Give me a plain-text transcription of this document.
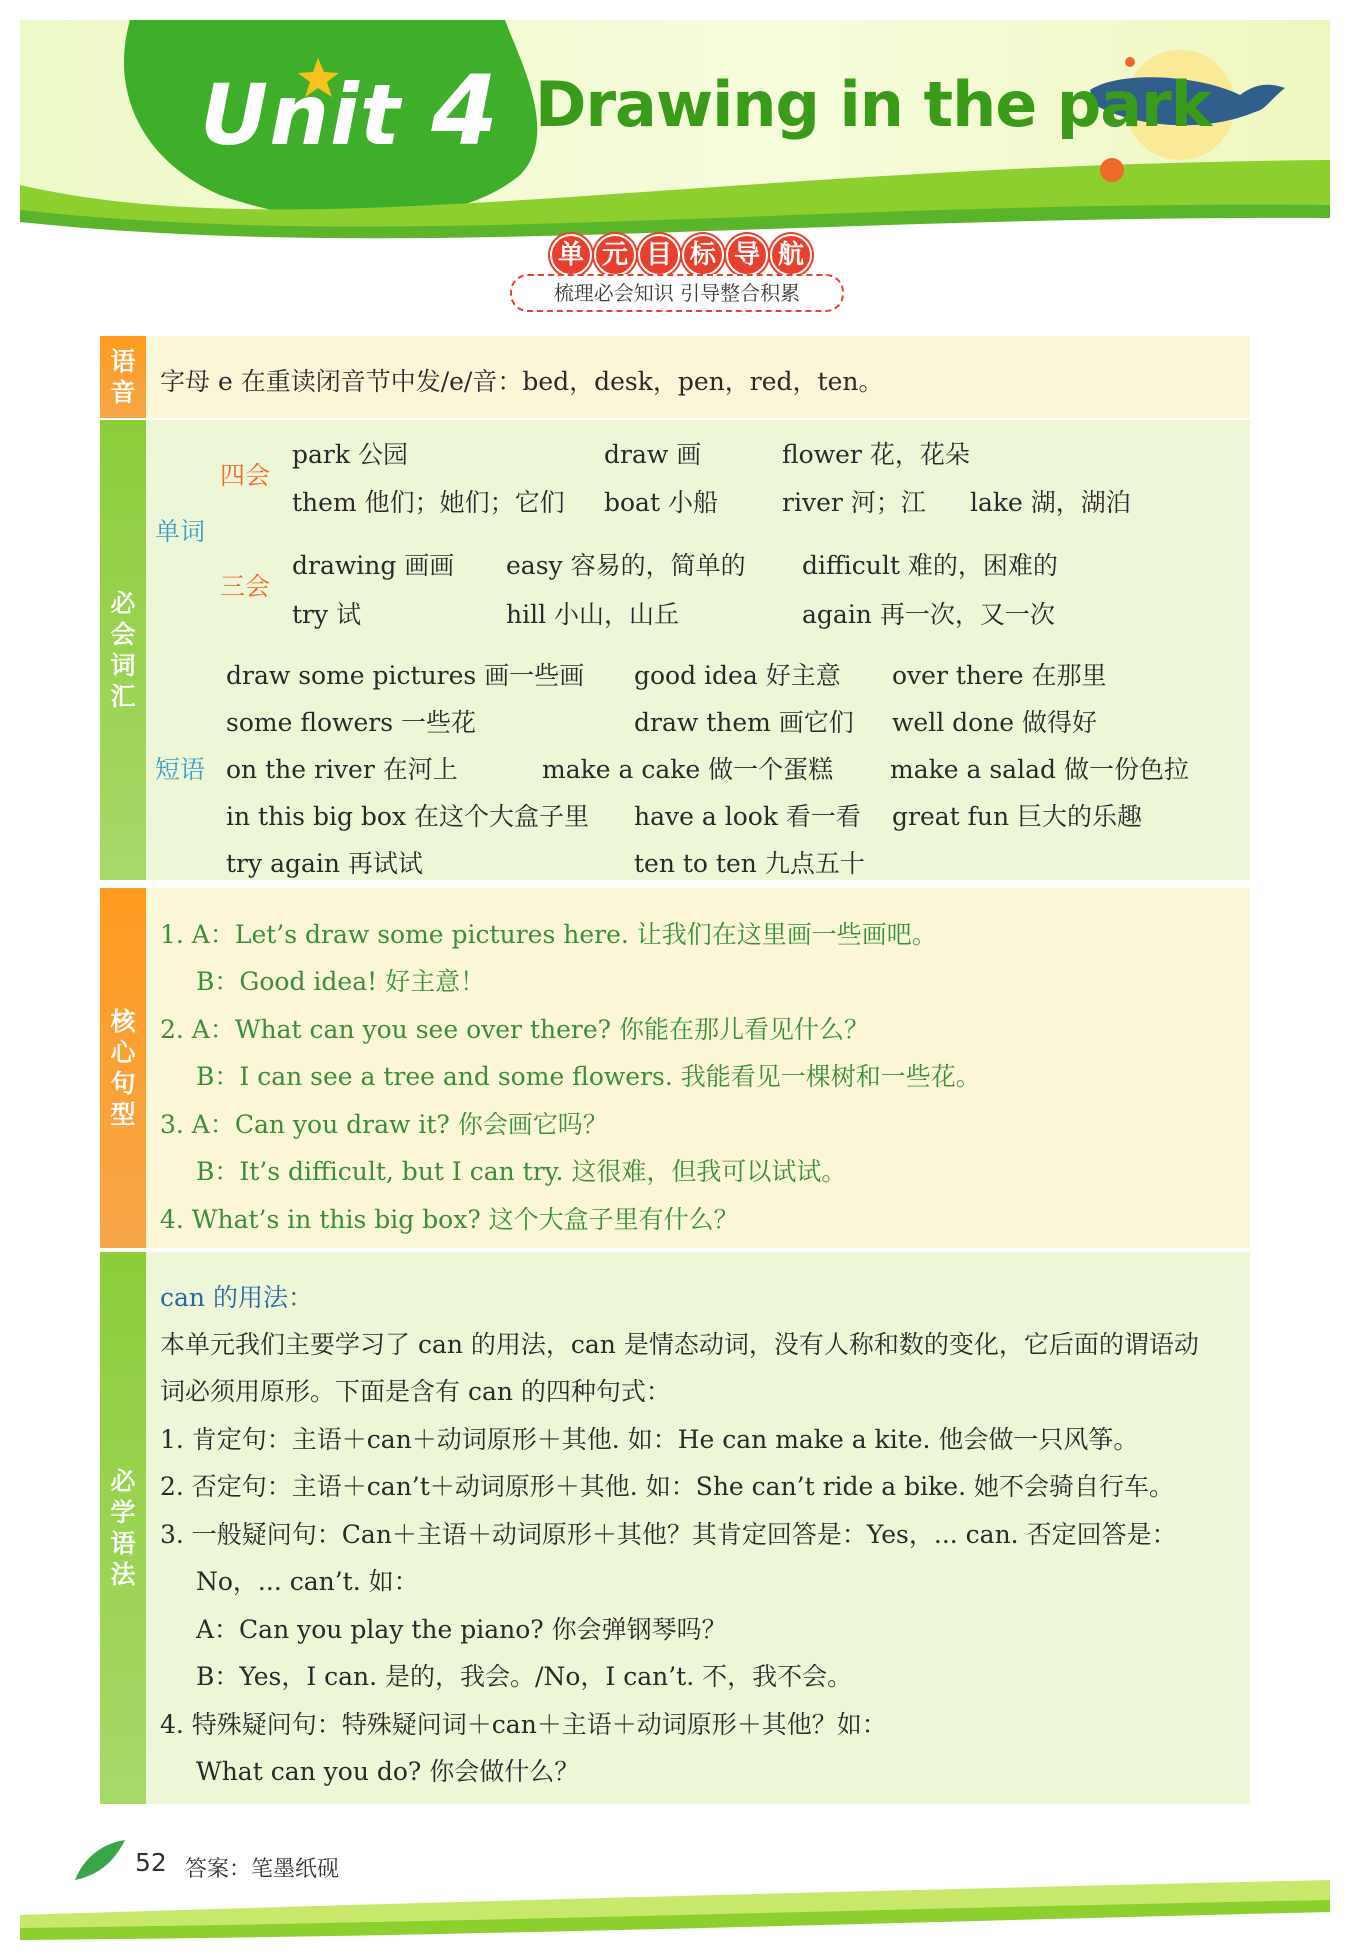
Unit 4 Drawing in the park
单 元 目 标 导 航
梳理必会知识 引导整合积累
语
音
必
会
词
汇
核
心
句
型
必
学
语
法
字母 e 在重读闭音节中发/e/音：bed，desk，pen，red，ten。
单词
四会
三会
park 公园	draw 画	flower 花，花朵
them 他们；她们；它们 boat 小船	river 河；江 lake 湖，湖泊
drawing 画画 easy 容易的，简单的 difficult 难的，困难的
try 试	hill 小山，山丘	again 再一次，又一次
短语
draw some pictures 画一些画 good idea 好主意 over there 在那里
some flowers 一些花	draw them 画它们 well done 做得好
on the river 在河上	make a cake 做一个蛋糕 make a salad 做一份色拉
in this big box 在这个大盒子里 have a look 看一看 great fun 巨大的乐趣
try again 再试试	ten to ten 九点五十
1. A：Let’s draw some pictures here. 让我们在这里画一些画吧。
B：Good idea! 好主意！
2. A：What can you see over there? 你能在那儿看见什么？
B：I can see a tree and some flowers. 我能看见一棵树和一些花。
3. A：Can you draw it? 你会画它吗？
B：It’s difficult, but I can try. 这很难，但我可以试试。
4. What’s in this big box? 这个大盒子里有什么？
can 的用法：
本单元我们主要学习了 can 的用法，can 是情态动词，没有人称和数的变化，它后面的谓语动
词必须用原形。下面是含有 can 的四种句式：
1. 肯定句：主语＋can＋动词原形＋其他. 如：He can make a kite. 他会做一只风筝。
2. 否定句：主语＋can’t＋动词原形＋其他. 如：She can’t ride a bike. 她不会骑自行车。
3. 一般疑问句：Can＋主语＋动词原形＋其他？其肯定回答是：Yes，... can. 否定回答是：
No，... can’t. 如：
A：Can you play the piano? 你会弹钢琴吗？
B：Yes，I can. 是的，我会。/No，I can’t. 不，我不会。
4. 特殊疑问句：特殊疑问词＋can＋主语＋动词原形＋其他？如：
What can you do? 你会做什么？
52 答案：笔墨纸砚
